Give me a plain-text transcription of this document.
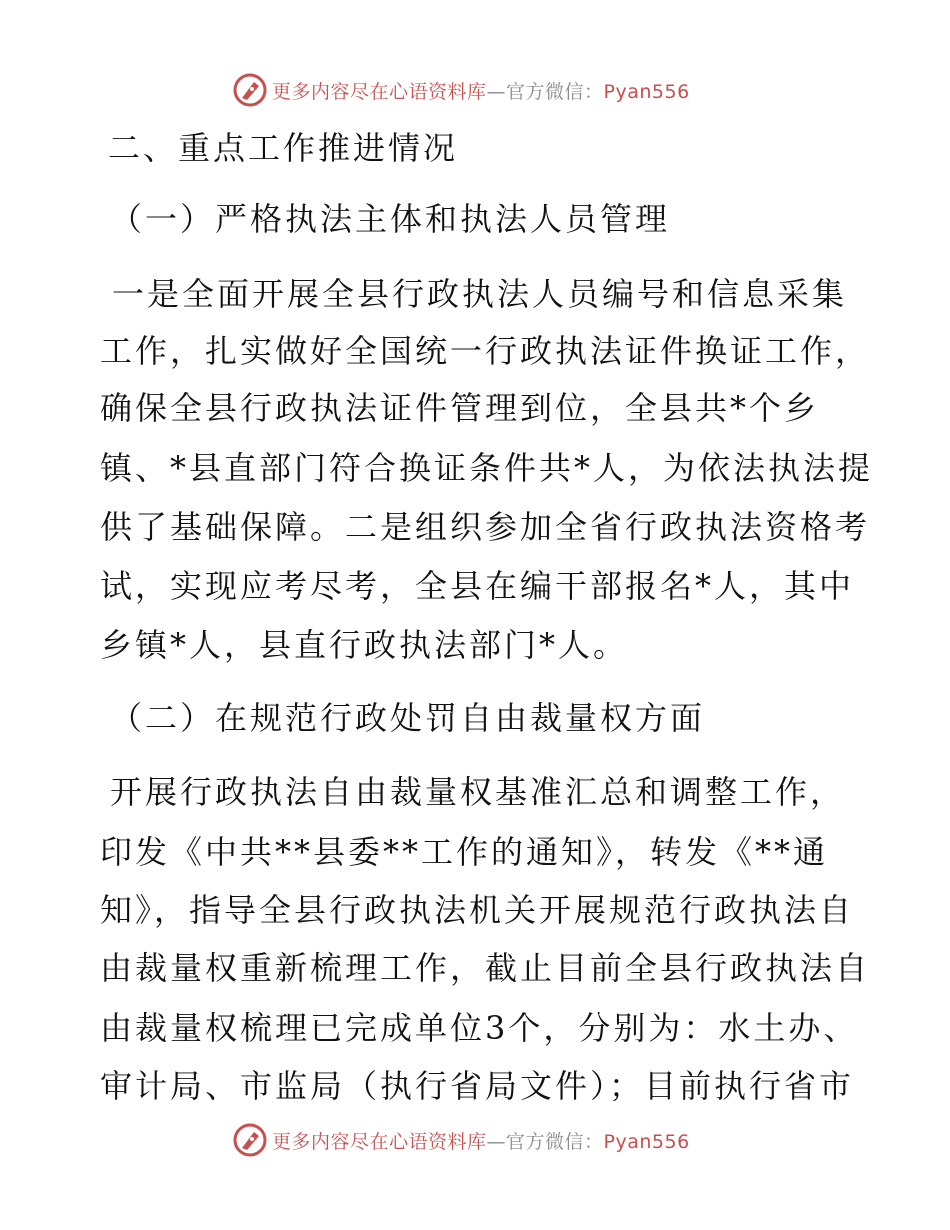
更多内容尽在心语资料库—官方微信：Pyan556
二、重点工作推进情况
（一）严格执法主体和执法人员管理
一是全面开展全县行政执法人员编号和信息采集
工作，扎实做好全国统一行政执法证件换证工作，
确保全县行政执法证件管理到位，全县共*个乡
镇、*县直部门符合换证条件共*人，为依法执法提
供了基础保障。二是组织参加全省行政执法资格考
试，实现应考尽考，全县在编干部报名*人，其中
乡镇*人，县直行政执法部门*人。
（二）在规范行政处罚自由裁量权方面
开展行政执法自由裁量权基准汇总和调整工作，
印发《中共**县委**工作的通知》，转发《**通
知》，指导全县行政执法机关开展规范行政执法自
由裁量权重新梳理工作，截止目前全县行政执法自
由裁量权梳理已完成单位3个，分别为：水土办、
审计局、市监局（执行省局文件）；目前执行省市
更多内容尽在心语资料库—官方微信：Pyan556
